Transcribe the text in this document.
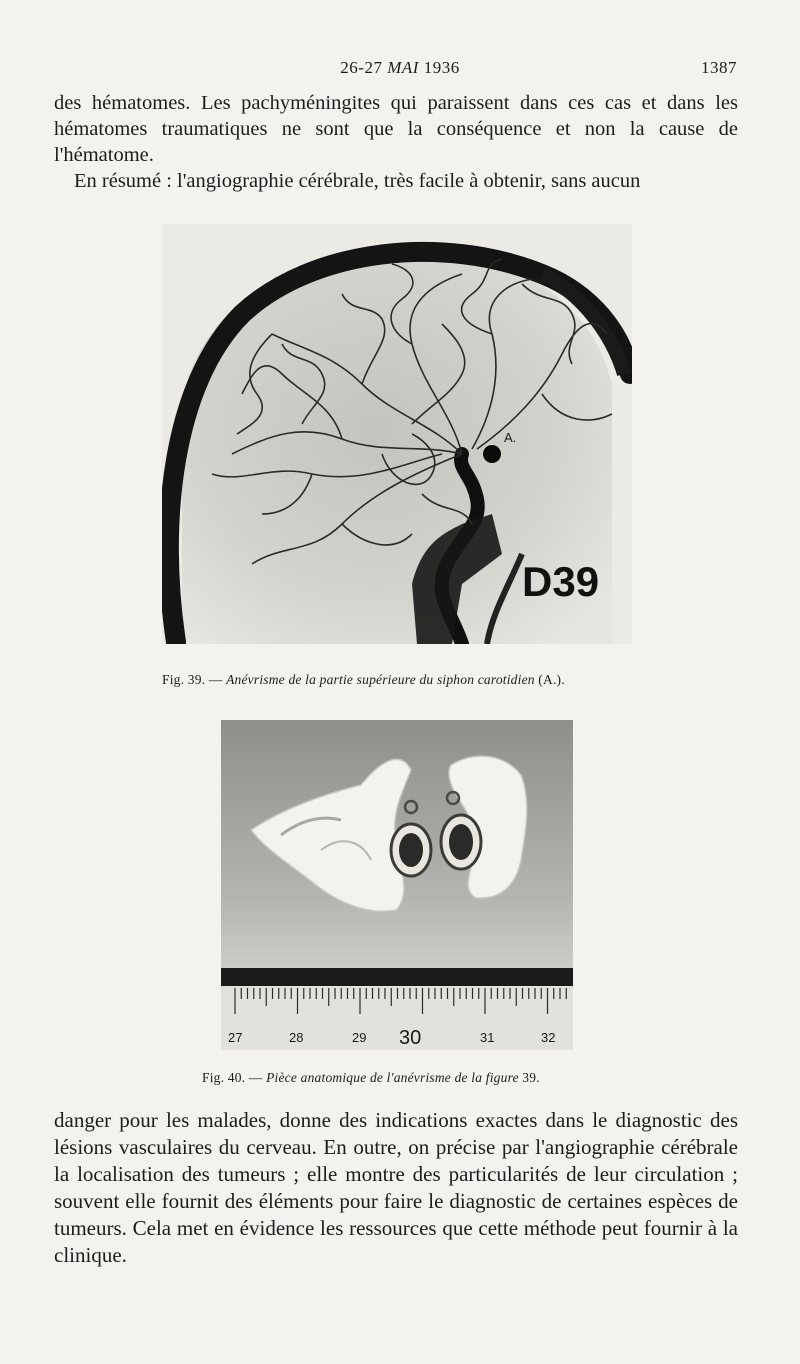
26-27 MAI 1936	1387

des hématomes. Les pachyméningites qui paraissent dans ces cas et dans les hématomes traumatiques ne sont que la conséquence et non la cause de l'hématome.

En résumé : l'angiographie cérébrale, très facile à obtenir, sans aucun

A.
D39
Fig. 39. — Anévrisme de la partie supérieure du siphon carotidien (A.).
27	28	29 30	31	32
Fig. 40. — Pièce anatomique de l'anévrisme de la figure 39.

danger pour les malades, donne des indications exactes dans le diagnostic des lésions vasculaires du cerveau. En outre, on précise par l'angiographie cérébrale la localisation des tumeurs ; elle montre des particularités de leur circulation ; souvent elle fournit des éléments pour faire le diagnostic de certaines espèces de tumeurs. Cela met en évidence les ressources que cette méthode peut fournir à la clinique.
